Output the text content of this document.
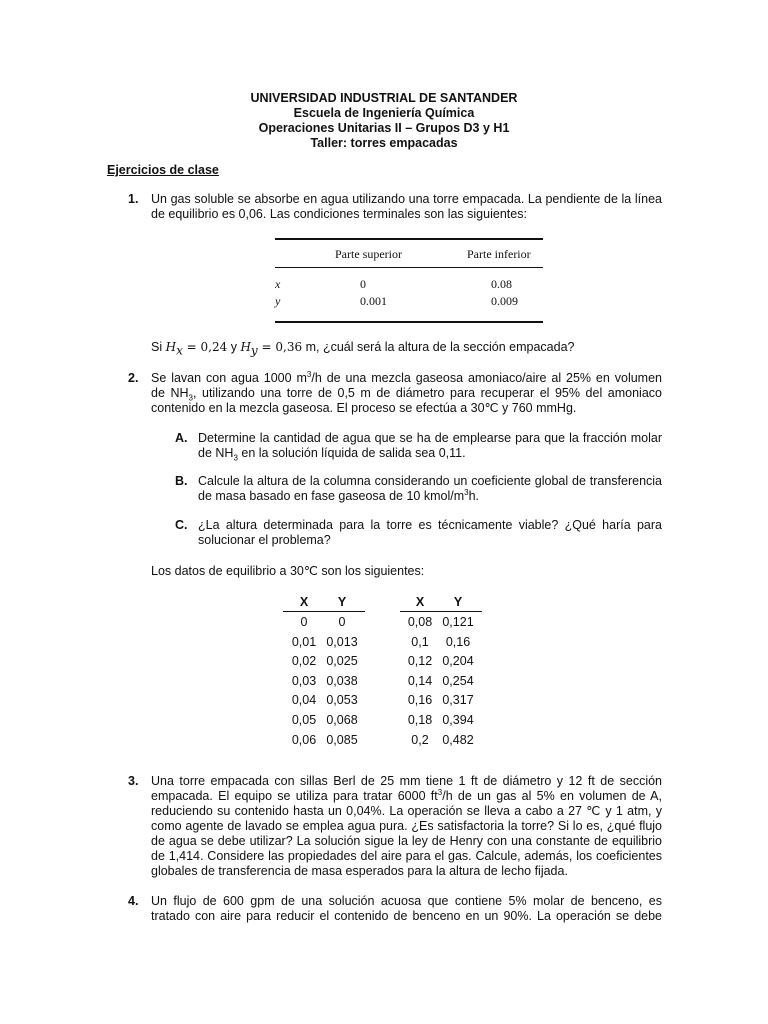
UNIVERSIDAD INDUSTRIAL DE SANTANDER
Escuela de Ingeniería Química
Operaciones Unitarias II – Grupos D3 y H1
Taller: torres empacadas
Ejercicios de clase
1. Un gas soluble se absorbe en agua utilizando una torre empacada. La pendiente de la línea de equilibrio es 0,06. Las condiciones terminales son las siguientes:
Parte superior	Parte inferior
x	0	0.08
y	0.001	0.009
Si $H_x = 0,24$ y $H_y = 0,36$ m, ¿cuál será la altura de la sección empacada?
2. Se lavan con agua 1000 $m^3/h$ de una mezcla gaseosa amoniaco/aire al 25% en volumen
de $NH_3$, utilizando una torre de 0,5 m de diámetro para recuperar el 95% del amoniaco
contenido en la mezcla gaseosa. El proceso se efectúa a 30℃ y 760 mmHg.
A. Determine la cantidad de agua que se ha de emplearse para que la fracción molar
de $NH_3$ en la solución líquida de salida sea 0,11.
B. Calcule la altura de la columna considerando un coeficiente global de transferencia
de masa basado en fase gaseosa de 10 kmol/$m^3h$.
C. ¿La altura determinada para la torre es técnicamente viable? ¿Qué haría para
solucionar el problema?
Los datos de equilibrio a 30℃ son los siguientes:
X	Y	X	Y
0	0	0,08 0,121
0,01 0,013	0,1	0,16
0,02 0,025	0,12 0,204
0,03 0,038	0,14 0,254
0,04 0,053	0,16 0,317
0,05 0,068	0,18 0,394
0,06 0,085	0,2	0,482
3. Una torre empacada con sillas Berl de 25 mm tiene 1 ft de diámetro y 12 ft de sección
empacada. El equipo se utiliza para tratar 6000 $ft^3/h$ de un gas al 5% en volumen de A,
reduciendo su contenido hasta un 0,04%. La operación se lleva a cabo a 27 ℃ y 1 atm, y
como agente de lavado se emplea agua pura. ¿Es satisfactoria la torre? Si lo es, ¿qué flujo
de agua se debe utilizar? La solución sigue la ley de Henry con una constante de equilibrio
de 1,414. Considere las propiedades del aire para el gas. Calcule, además, los coeficientes
globales de transferencia de masa esperados para la altura de lecho fijada.
4. Un flujo de 600 gpm de una solución acuosa que contiene 5% molar de benceno, es
tratado con aire para reducir el contenido de benceno en un 90%. La operación se debe
